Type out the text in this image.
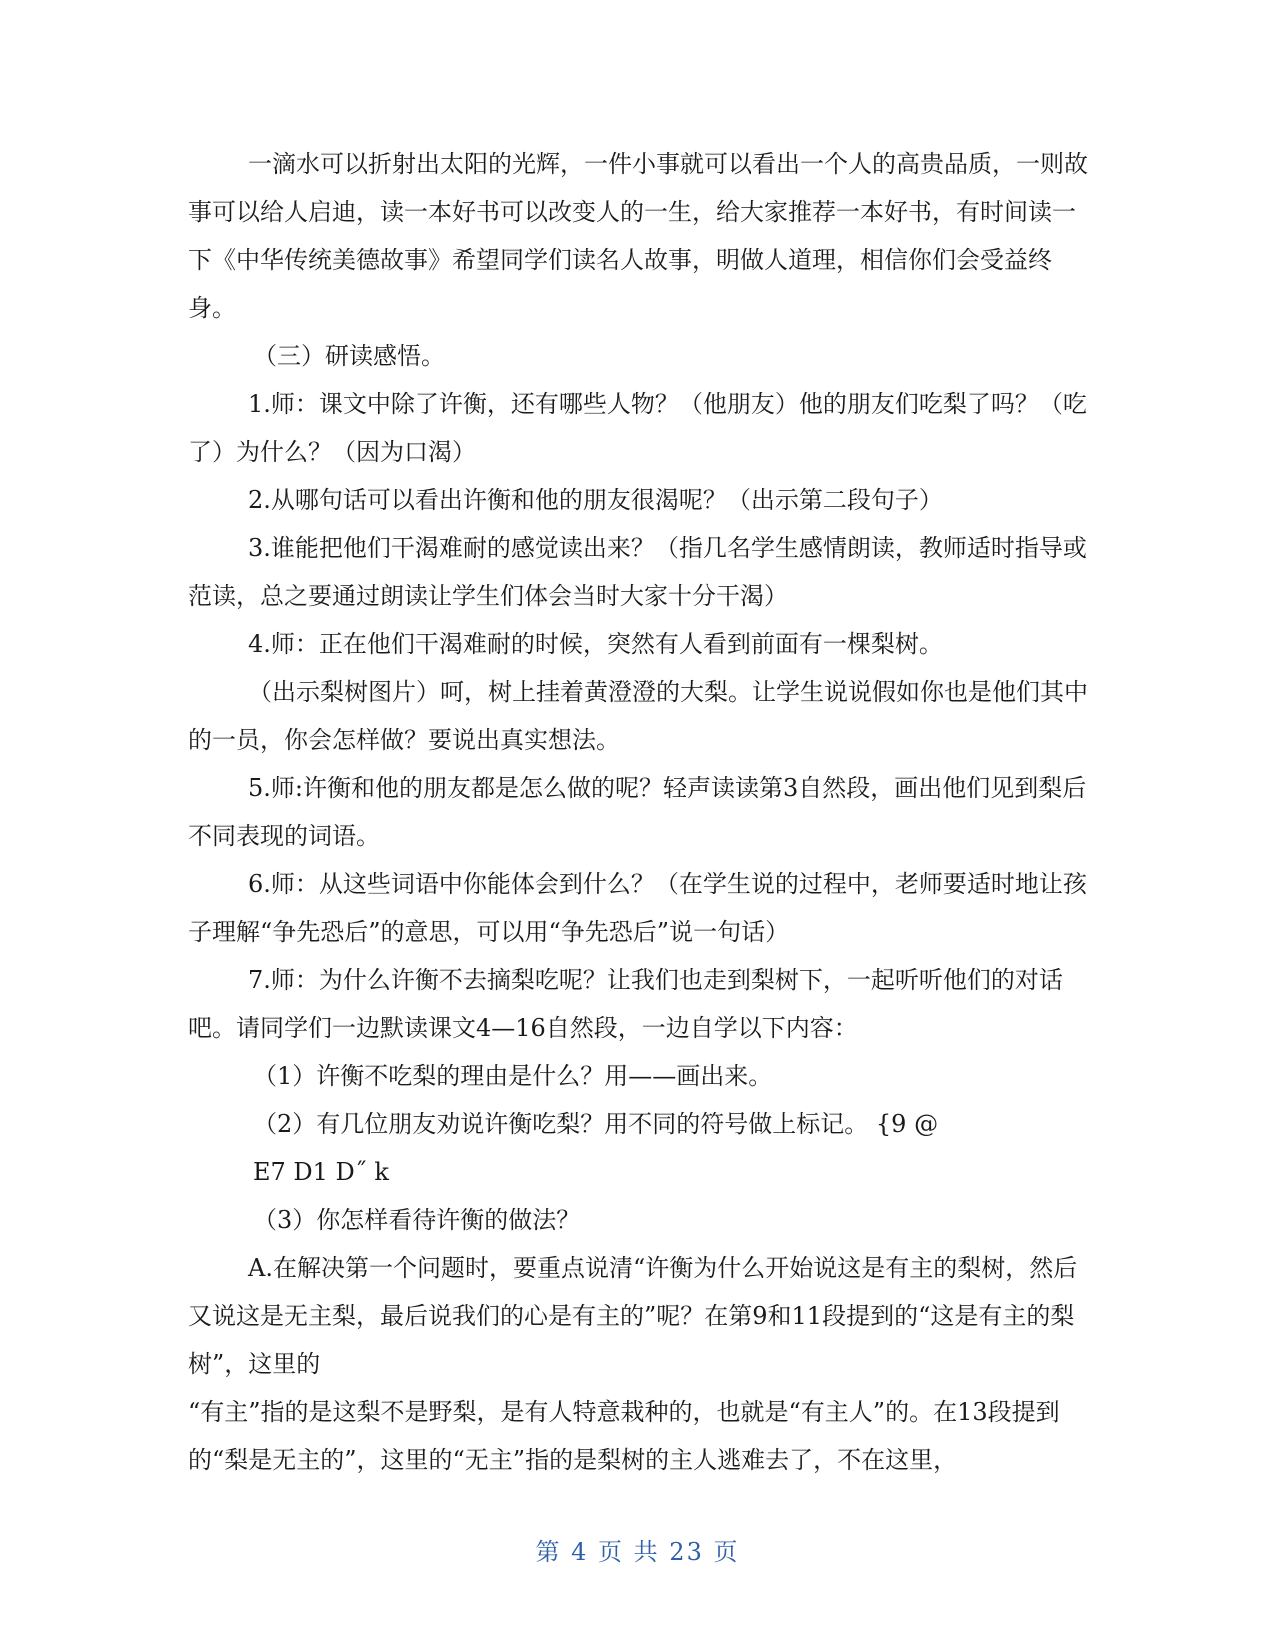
一滴水可以折射出太阳的光辉，一件小事就可以看出一个人的高贵品质，一则故事可以给人启迪，读一本好书可以改变人的一生，给大家推荐一本好书，有时间读一下《中华传统美德故事》希望同学们读名人故事，明做人道理，相信你们会受益终身。

（三）研读感悟。

1.师：课文中除了许衡，还有哪些人物？（他朋友）他的朋友们吃梨了吗？（吃了）为什么？（因为口渴）

2.从哪句话可以看出许衡和他的朋友很渴呢？（出示第二段句子）

3.谁能把他们干渴难耐的感觉读出来？（指几名学生感情朗读，教师适时指导或范读，总之要通过朗读让学生们体会当时大家十分干渴）

4.师：正在他们干渴难耐的时候，突然有人看到前面有一棵梨树。

（出示梨树图片）呵，树上挂着黄澄澄的大梨。让学生说说假如你也是他们其中的一员，你会怎样做？要说出真实想法。

5.师:许衡和他的朋友都是怎么做的呢？轻声读读第3自然段，画出他们见到梨后不同表现的词语。

6.师：从这些词语中你能体会到什么？（在学生说的过程中，老师要适时地让孩子理解“争先恐后”的意思，可以用“争先恐后”说一句话）

7.师：为什么许衡不去摘梨吃呢？让我们也走到梨树下，一起听听他们的对话吧。请同学们一边默读课文4—16自然段，一边自学以下内容：

（1）许衡不吃梨的理由是什么？用——画出来。

（2）有几位朋友劝说许衡吃梨？用不同的符号做上标记。 {9 @

E7 D1 D˝ k

（3）你怎样看待许衡的做法？

A.在解决第一个问题时，要重点说清“许衡为什么开始说这是有主的梨树，然后又说这是无主梨，最后说我们的心是有主的”呢？在第9和11段提到的“这是有主的梨树”，这里的

“有主”指的是这梨不是野梨，是有人特意栽种的，也就是“有主人”的。在13段提到的“梨是无主的”，这里的“无主”指的是梨树的主人逃难去了，不在这里，

第 4 页 共 23 页
